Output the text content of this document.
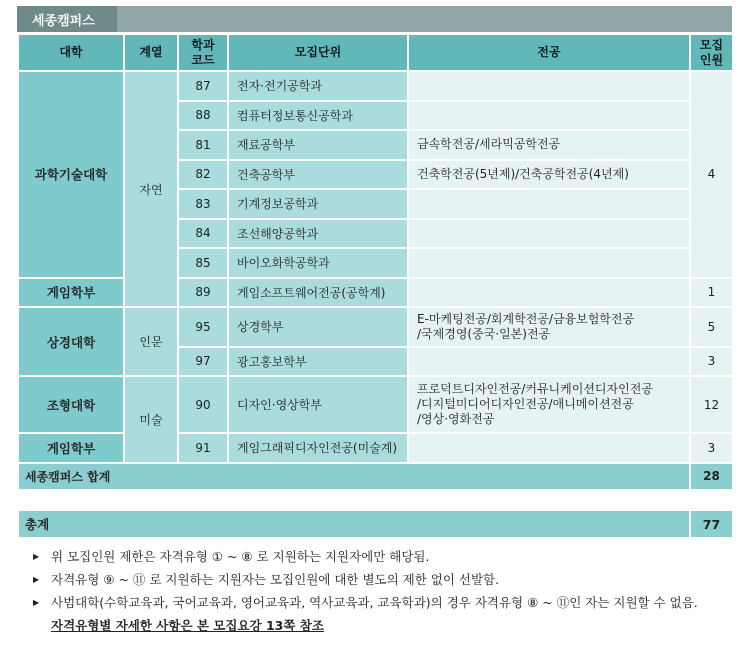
세종캠퍼스
대학	계열	학과
코드	모집단위	전공	모집
인원
과학기술대학	자연	87	전자·전기공학과		4
		88	컴퓨터정보통신공학과		
		81	재료공학부	금속학전공/세라믹공학전공	
		82	건축공학부	건축학전공(5년제)/건축공학전공(4년제)	
		83	기계정보공학과		
		84	조선해양공학과		
		85	바이오화학공학과		
게임학부		89	게임소프트웨어전공(공학계)		1
상경대학	인문	95	상경학부	E-마케팅전공/회계학전공/금융보험학전공
/국제경영(중국·일본)전공	5
		97	광고홍보학부		3
조형대학	미술	90	디자인·영상학부	프로덕트디자인전공/커뮤니케이션디자인전공
/디지털미디어디자인전공/애니메이션전공
/영상·영화전공	12
게임학부		91	게임그래픽디자인전공(미술계)		3
세종캠퍼스 합계					28
총계	77
▶ 위 모집인원 제한은 자격유형 ① ~ ⑧ 로 지원하는 지원자에만 해당됨.
▶ 자격유형 ⑨ ~ ⑪ 로 지원하는 지원자는 모집인원에 대한 별도의 제한 없이 선발함.
▶ 사범대학(수학교육과, 국어교육과, 영어교육과, 역사교육과, 교육학과)의 경우 자격유형 ⑧ ~ ⑪인 자는 지원할 수 없음.
자격유형별 자세한 사항은 본 모집요강 13쪽 참조
